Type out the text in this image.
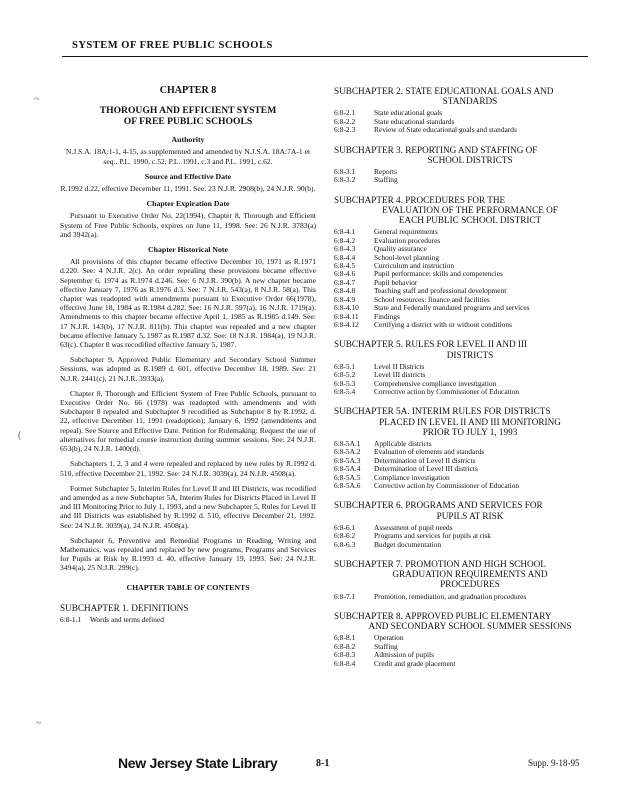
SYSTEM OF FREE PUBLIC SCHOOLS
~
(
~
CHAPTER 8
THOROUGH AND EFFICIENT SYSTEM
OF FREE PUBLIC SCHOOLS
Authority
N.J.S.A. 18A:1-1, 4-15, as supplemented and amended by N.J.S.A. 18A:7A-1 et seq., P.L. 1990, c.52, P.L. 1991, c.3 and P.L. 1991, c.62.
Source and Effective Date
R.1992 d.22, effective December 11, 1991. See: 23 N.J.R. 2908(b), 24 N.J.R. 90(b).
Chapter Expiration Date
Pursuant to Executive Order No. 22(1994), Chapter 8, Thorough and Efficient System of Free Public Schools, expires on June 11, 1998. See: 26 N.J.R. 3783(a) and 3942(a).
Chapter Historical Note
All provisions of this chapter became effective December 10, 1971 as R.1971 d.220. See: 4 N.J.R. 2(c). An order repealing these provisions became effective September 6, 1974 as R.1974 d.246. See: 6 N.J.R. 390(b). A new chapter became effective January 7, 1976 as R.1976 d.3. See: 7 N.J.R. 543(a), 8 N.J.R. 58(a). This chapter was readopted with amendments pursuant to Executive Order 66(1978), effective June 18, 1984 as R.1984 d.282. See: 16 N.J.R. 597(a), 16 N.J.R. 1719(a). Amendments to this chapter became effective April 1, 1985 as R.1985 d.149. See: 17 N.J.R. 143(b), 17 N.J.R. 811(b). This chapter was repealed and a new chapter became effective January 5, 1987 as R.1987 d.32. See: 18 N.J.R. 1984(a), 19 N.J.R. 63(c). Chapter 8 was recodified effective January 5, 1987.
Subchapter 9, Approved Public Elementary and Secondary School Summer Sessions, was adopted as R.1989 d. 601, effective December 18, 1989. See: 21 N.J.R. 2441(c), 21 N.J.R. 3933(a).
Chapter 8, Thorough and Efficient System of Free Public Schools, pursuant to Executive Order No. 66 (1978) was readopted with amendments and with Subchapter 8 repealed and Subchapter 9 recodified as Subchapter 8 by R.1992, d. 22, effective December 11, 1991 (readoption); January 6, 1992 (amendments and repeal). See Source and Effective Date. Petition for Rulemaking: Request the use of alternatives for remedial course instruction during summer sessions. See: 24 N.J.R. 653(b), 24 N.J.R. 1400(d).
Subchapters 1, 2, 3 and 4 were repealed and replaced by new rules by R.1992 d. 510, effective December 21, 1992. See: 24 N.J.R. 3039(a), 24 N.J.R. 4508(a).
Former Subchapter 5, Interim Rules for Level II and III Districts, was recodified and amended as a new Subchapter 5A, Interim Rules for Districts Placed in Level II and III Monitoring Prior to July 1, 1993, and a new Subchapter 5, Rules for Level II and III Districts was established by R.1992 d. 510, effective December 21, 1992. See: 24 N.J.R. 3039(a), 24 N.J.R. 4508(a).
Subchapter 6, Preventive and Remedial Programs in Reading, Writing and Mathematics, was repealed and replaced by new programs, Programs and Services for Pupils at Risk by R.1993 d. 40, effective January 19, 1993. See: 24 N.J.R. 3494(a), 25 N.J.R. 299(c).
CHAPTER TABLE OF CONTENTS
SUBCHAPTER 1. DEFINITIONS
6:8-1.1	Words and terms defined
SUBCHAPTER 2. STATE EDUCATIONAL GOALS AND
STANDARDS
6:8-2.1	State educational goals
6:8-2.2	State educational standards
6:8-2.3	Review of State educational goals and standards
SUBCHAPTER 3. REPORTING AND STAFFING OF
SCHOOL DISTRICTS
6:8-3.1	Reports
6:8-3.2	Staffing
SUBCHAPTER 4. PROCEDURES FOR THE
EVALUATION OF THE PERFORMANCE OF
EACH PUBLIC SCHOOL DISTRICT
6:8-4.1	General requirements
6:8-4.2	Evaluation procedures
6:8-4.3	Quality assurance
6:8-4.4	School-level planning
6:8-4.5	Curriculum and instruction
6:8-4.6	Pupil performance: skills and competencies
6:8-4.7	Pupil behavior
6:8-4.8	Teaching staff and professional development
6:8-4.9	School resources: finance and facilities
6:8-4.10	State and Federally mandated programs and services
6:8-4.11	Findings
6:8-4.12	Certifying a district with or without conditions
SUBCHAPTER 5. RULES FOR LEVEL II AND III
DISTRICTS
6:8-5.1	Level II Districts
6:8-5.2	Level III districts
6:8-5.3	Comprehensive compliance investigation
6:8-5.4	Corrective action by Commissioner of Education
SUBCHAPTER 5A. INTERIM RULES FOR DISTRICTS
PLACED IN LEVEL II AND III MONITORING
PRIOR TO JULY 1, 1993
6:8-5A.1	Applicable districts
6:8-5A.2	Evaluation of elements and standards
6:8-5A.3	Determination of Level II districts
6:8-5A.4	Determination of Level III districts
6:8-5A.5	Compliance investigation
6:8-5A.6	Corrective action by Commissioner of Education
SUBCHAPTER 6. PROGRAMS AND SERVICES FOR
PUPILS AT RISK
6:8-6.1	Assessment of pupil needs
6:8-6.2	Programs and services for pupils at risk
6:8-6.3	Budget documentation
SUBCHAPTER 7. PROMOTION AND HIGH SCHOOL
GRADUATION REQUIREMENTS AND
PROCEDURES
6:8-7.1	Promotion, remediation, and graduation procedures
SUBCHAPTER 8. APPROVED PUBLIC ELEMENTARY
AND SECONDARY SCHOOL SUMMER SESSIONS
6:8-8.1	Operation
6:8-8.2	Staffing
6:8-8.3	Admission of pupils
6:8-8.4	Credit and grade placement
New Jersey State Library	8-1	Supp. 9-18-95
